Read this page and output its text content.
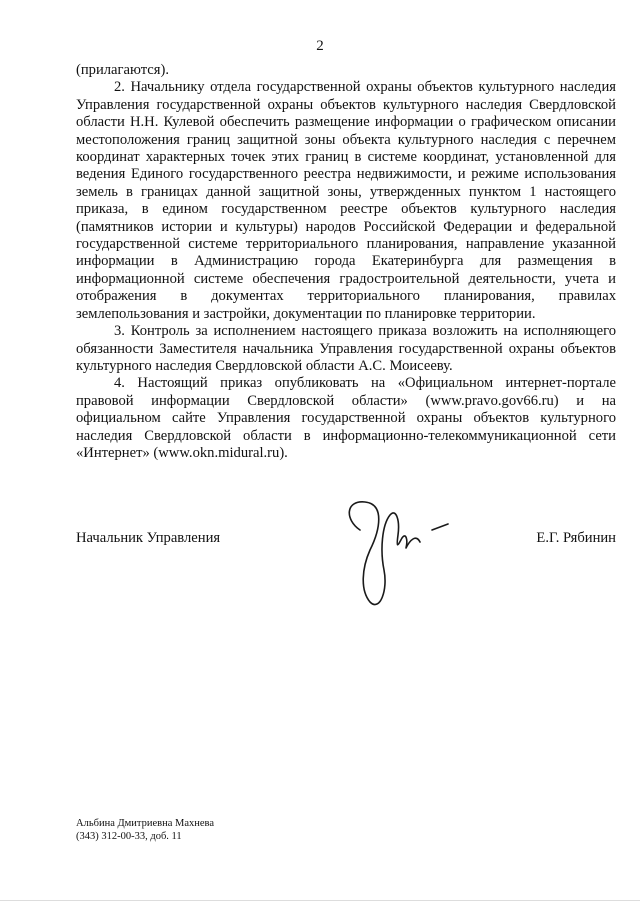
2

(прилагаются).

2. Начальнику отдела государственной охраны объектов культурного наследия Управления государственной охраны объектов культурного наследия Свердловской области Н.Н. Кулевой обеспечить размещение информации о графическом описании местоположения границ защитной зоны объекта культурного наследия с перечнем координат характерных точек этих границ в системе координат, установленной для ведения Единого государственного реестра недвижимости, и режиме использования земель в границах данной защитной зоны, утвержденных пунктом 1 настоящего приказа, в едином государственном реестре объектов культурного наследия (памятников истории и культуры) народов Российской Федерации и федеральной государственной системе территориального планирования, направление указанной информации в Администрацию города Екатеринбурга для размещения в информационной системе обеспечения градостроительной деятельности, учета и отображения в документах территориального планирования, правилах землепользования и застройки, документации по планировке территории.

3. Контроль за исполнением настоящего приказа возложить на исполняющего обязанности Заместителя начальника Управления государственной охраны объектов культурного наследия Свердловской области А.С. Моисееву.

4. Настоящий приказ опубликовать на «Официальном интернет-портале правовой информации Свердловской области» (www.pravo.gov66.ru) и на официальном сайте Управления государственной охраны объектов культурного наследия Свердловской области в информационно-телекоммуникационной сети «Интернет» (www.okn.midural.ru).

Начальник Управления	Е.Г. Рябинин
Альбина Дмитриевна Махнева
(343) 312-00-33, доб. 11
